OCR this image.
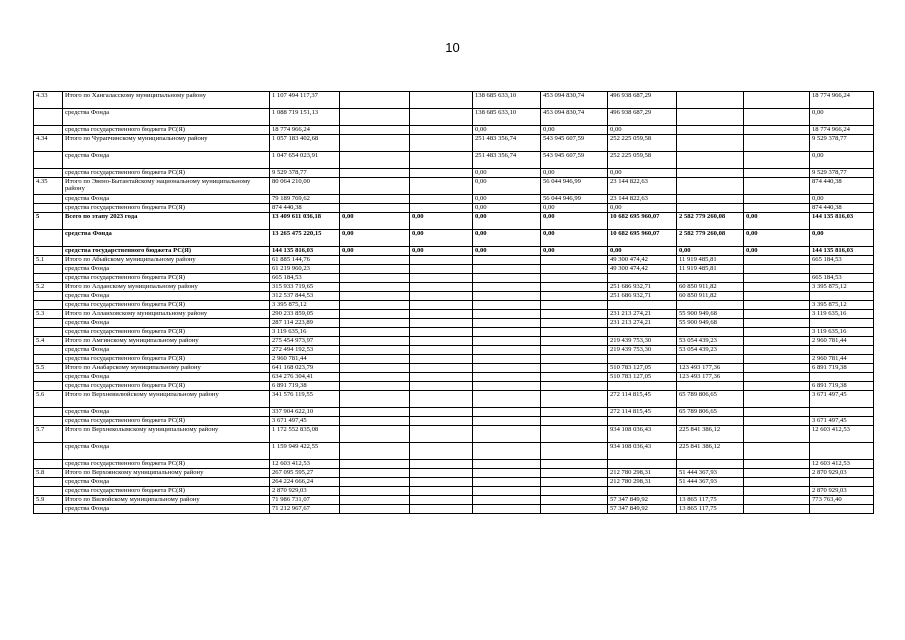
10
4.33	Итого по Хангаласскому муниципальному району	1 107 494 117,37			138 685 633,10	453 094 830,74	496 938 687,29			18 774 966,24
	средства Фонда	1 088 719 151,13			138 685 633,10	453 094 830,74	496 938 687,29			0,00
	средства государственного бюджета РС(Я)	18 774 966,24			0,00	0,00	0,00			18 774 966,24
4.34	Итого по Чурапчинскому муниципальному району	1 057 183 402,68			251 483 356,74	543 945 607,59	252 225 059,58			9 529 378,77
	средства Фонда	1 047 654 023,91			251 483 356,74	543 945 607,59	252 225 059,58			0,00
	средства государственного бюджета РС(Я)	9 529 378,77			0,00	0,00	0,00			9 529 378,77
4.35	Итого по Эвено-Бытантайскому национальному муниципальному району	80 064 210,00			0,00	56 044 946,99	23 144 822,63			874 440,38
	средства Фонда	79 189 769,62			0,00	56 044 946,99	23 144 822,63			0,00
	средства государственного бюджета РС(Я)	874 440,38			0,00	0,00	0,00			874 440,38
5	Всего по этапу 2023 года	13 409 611 036,18	0,00	0,00	0,00	0,00	10 682 695 960,07	2 582 779 260,08	0,00	144 135 816,03
	средства Фонда	13 265 475 220,15	0,00	0,00	0,00	0,00	10 682 695 960,07	2 582 779 260,08	0,00	0,00
	средства государственного бюджета РС(Я)	144 135 816,03	0,00	0,00	0,00	0,00	0,00	0,00	0,00	144 135 816,03
5.1	Итого по Абыйскому муниципальному району	61 885 144,76					49 300 474,42	11 919 485,81		665 184,53
	средства Фонда	61 219 960,23					49 300 474,42	11 919 485,81		
	средства государственного бюджета РС(Я)	665 184,53								665 184,53
5.2	Итого по Алданскому муниципальному району	315 933 719,65					251 686 932,71	60 850 911,82		3 395 875,12
	средства Фонда	312 537 844,53					251 686 932,71	60 850 911,82		
	средства государственного бюджета РС(Я)	3 395 875,12								3 395 875,12
5.3	Итого по Аллаиховскому муниципальному району	290 233 859,05					231 213 274,21	55 900 949,68		3 119 635,16
	средства Фонда	287 114 223,89					231 213 274,21	55 900 949,68		
	средства государственного бюджета РС(Я)	3 119 635,16								3 119 635,16
5.4	Итого по Амгинскому муниципальному району	275 454 973,97					219 439 753,30	53 054 439,23		2 960 781,44
	средства Фонда	272 494 192,53					219 439 753,30	53 054 439,23		
	средства государственного бюджета РС(Я)	2 960 781,44								2 960 781,44
5.5	Итого по Анабарскому муниципальному району	641 168 023,79					510 783 127,05	123 493 177,36		6 891 719,38
	средства Фонда	634 276 304,41					510 783 127,05	123 493 177,36		
	средства государственного бюджета РС(Я)	6 891 719,38								6 891 719,38
5.6	Итого по Верхневилюйскому муниципальному району	341 576 119,55					272 114 815,45	65 789 806,65		3 671 497,45
	средства Фонда	337 904 622,10					272 114 815,45	65 789 806,65		
	средства государственного бюджета РС(Я)	3 671 497,45								3 671 497,45
5.7	Итого по Верхнеколымскому муниципальному району	1 172 552 835,08					934 108 036,43	225 841 386,12		12 603 412,53
	средства Фонда	1 159 949 422,55					934 108 036,43	225 841 386,12		
	средства государственного бюджета РС(Я)	12 603 412,53								12 603 412,53
5.8	Итого по Верхоянскому муниципальному району	267 095 595,27					212 780 298,31	51 444 367,93		2 870 929,03
	средства Фонда	264 224 666,24					212 780 298,31	51 444 367,93		
	средства государственного бюджета РС(Я)	2 870 929,03								2 870 929,03
5.9	Итого по Вилюйскому муниципальному району	71 986 731,07					57 347 849,92	13 865 117,75		773 763,40
	средства Фонда	71 212 967,67					57 347 849,92	13 865 117,75		
